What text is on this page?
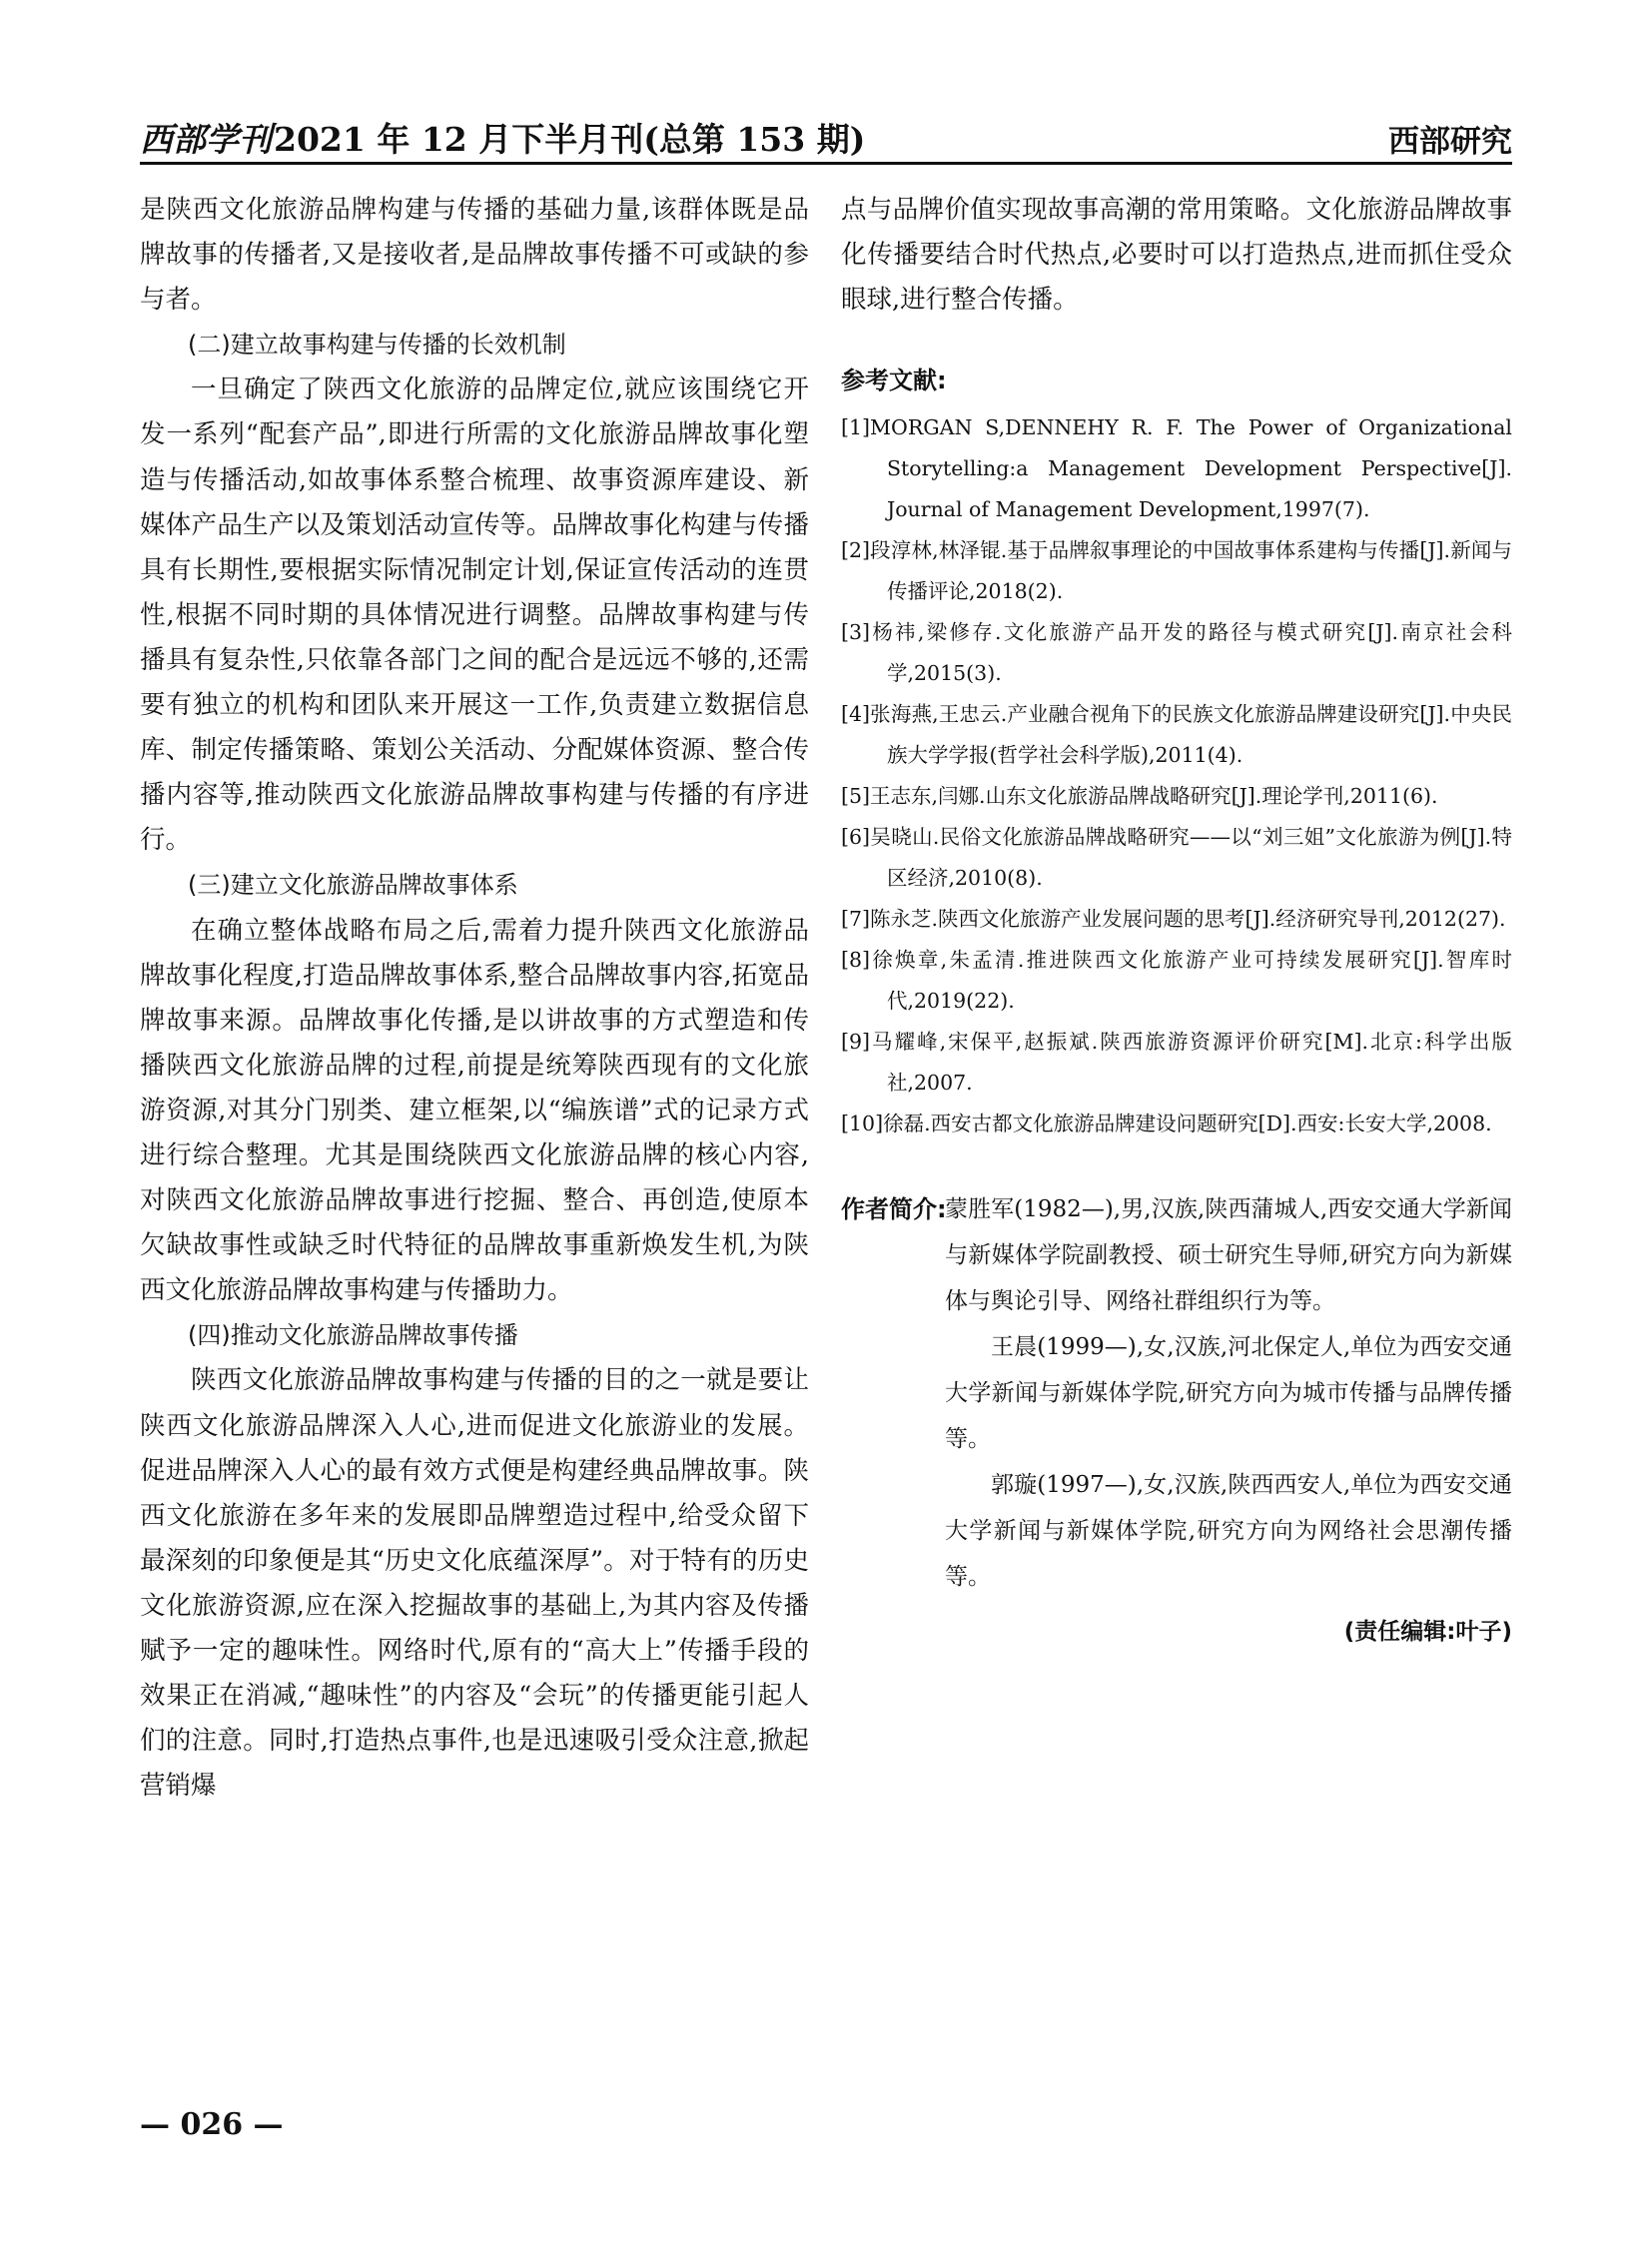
西部学刊2021 年 12 月下半月刊(总第 153 期)	西部研究

是陕西文化旅游品牌构建与传播的基础力量,该群体既是品牌故事的传播者,又是接收者,是品牌故事传播不可或缺的参与者。

(二)建立故事构建与传播的长效机制

一旦确定了陕西文化旅游的品牌定位,就应该围绕它开发一系列“配套产品”,即进行所需的文化旅游品牌故事化塑造与传播活动,如故事体系整合梳理、故事资源库建设、新媒体产品生产以及策划活动宣传等。品牌故事化构建与传播具有长期性,要根据实际情况制定计划,保证宣传活动的连贯性,根据不同时期的具体情况进行调整。品牌故事构建与传播具有复杂性,只依靠各部门之间的配合是远远不够的,还需要有独立的机构和团队来开展这一工作,负责建立数据信息库、制定传播策略、策划公关活动、分配媒体资源、整合传播内容等,推动陕西文化旅游品牌故事构建与传播的有序进行。

(三)建立文化旅游品牌故事体系

在确立整体战略布局之后,需着力提升陕西文化旅游品牌故事化程度,打造品牌故事体系,整合品牌故事内容,拓宽品牌故事来源。品牌故事化传播,是以讲故事的方式塑造和传播陕西文化旅游品牌的过程,前提是统筹陕西现有的文化旅游资源,对其分门别类、建立框架,以“编族谱”式的记录方式进行综合整理。尤其是围绕陕西文化旅游品牌的核心内容,对陕西文化旅游品牌故事进行挖掘、整合、再创造,使原本欠缺故事性或缺乏时代特征的品牌故事重新焕发生机,为陕西文化旅游品牌故事构建与传播助力。

(四)推动文化旅游品牌故事传播

陕西文化旅游品牌故事构建与传播的目的之一就是要让陕西文化旅游品牌深入人心,进而促进文化旅游业的发展。促进品牌深入人心的最有效方式便是构建经典品牌故事。陕西文化旅游在多年来的发展即品牌塑造过程中,给受众留下最深刻的印象便是其“历史文化底蕴深厚”。对于特有的历史文化旅游资源,应在深入挖掘故事的基础上,为其内容及传播赋予一定的趣味性。网络时代,原有的“高大上”传播手段的效果正在消减,“趣味性”的内容及“会玩”的传播更能引起人们的注意。同时,打造热点事件,也是迅速吸引受众注意,掀起营销爆

点与品牌价值实现故事高潮的常用策略。文化旅游品牌故事化传播要结合时代热点,必要时可以打造热点,进而抓住受众眼球,进行整合传播。

参考文献:

[1]MORGAN S,DENNEHY R. F. The Power of Organizational Storytelling:a Management Development Perspective[J]. Journal of Management Development,1997(7).
[2]段淳林,林泽锟.基于品牌叙事理论的中国故事体系建构与传播[J].新闻与传播评论,2018(2).
[3]杨祎,梁修存.文化旅游产品开发的路径与模式研究[J].南京社会科学,2015(3).
[4]张海燕,王忠云.产业融合视角下的民族文化旅游品牌建设研究[J].中央民族大学学报(哲学社会科学版),2011(4).
[5]王志东,闫娜.山东文化旅游品牌战略研究[J].理论学刊,2011(6).
[6]吴晓山.民俗文化旅游品牌战略研究——以“刘三姐”文化旅游为例[J].特区经济,2010(8).
[7]陈永芝.陕西文化旅游产业发展问题的思考[J].经济研究导刊,2012(27).
[8]徐焕章,朱孟清.推进陕西文化旅游产业可持续发展研究[J].智库时代,2019(22).
[9]马耀峰,宋保平,赵振斌.陕西旅游资源评价研究[M].北京:科学出版社,2007.
[10]徐磊.西安古都文化旅游品牌建设问题研究[D].西安:长安大学,2008.
作者简介:

蒙胜军(1982—),男,汉族,陕西蒲城人,西安交通大学新闻与新媒体学院副教授、硕士研究生导师,研究方向为新媒体与舆论引导、网络社群组织行为等。

王晨(1999—),女,汉族,河北保定人,单位为西安交通大学新闻与新媒体学院,研究方向为城市传播与品牌传播等。

郭璇(1997—),女,汉族,陕西西安人,单位为西安交通大学新闻与新媒体学院,研究方向为网络社会思潮传播等。

(责任编辑:叶子)
— 026 —
